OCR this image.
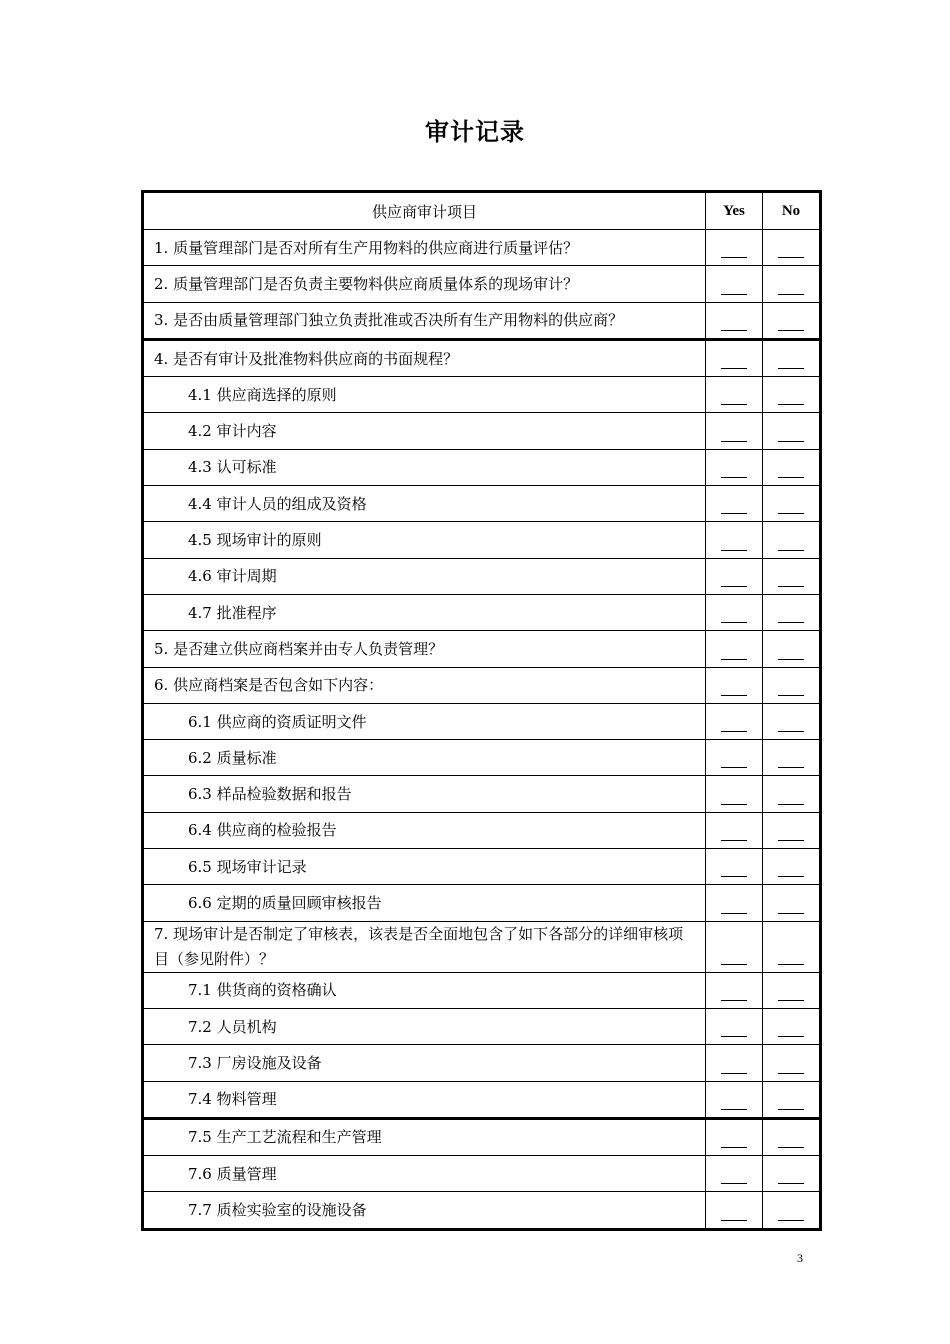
审计记录
供应商审计项目	Yes	No
1. 质量管理部门是否对所有生产用物料的供应商进行质量评估？		
2. 质量管理部门是否负责主要物料供应商质量体系的现场审计？		
3. 是否由质量管理部门独立负责批准或否决所有生产用物料的供应商？		
4. 是否有审计及批准物料供应商的书面规程？		
4.1 供应商选择的原则		
4.2 审计内容		
4.3 认可标准		
4.4 审计人员的组成及资格		
4.5 现场审计的原则		
4.6 审计周期		
4.7 批准程序		
5. 是否建立供应商档案并由专人负责管理？		
6. 供应商档案是否包含如下内容：		
6.1 供应商的资质证明文件		
6.2 质量标准		
6.3 样品检验数据和报告		
6.4 供应商的检验报告		
6.5 现场审计记录		
6.6 定期的质量回顾审核报告		
7. 现场审计是否制定了审核表，该表是否全面地包含了如下各部分的详细审核项目（参见附件）？		
7.1 供货商的资格确认		
7.2 人员机构		
7.3 厂房设施及设备		
7.4 物料管理		
7.5 生产工艺流程和生产管理		
7.6 质量管理		
7.7 质检实验室的设施设备		
3
